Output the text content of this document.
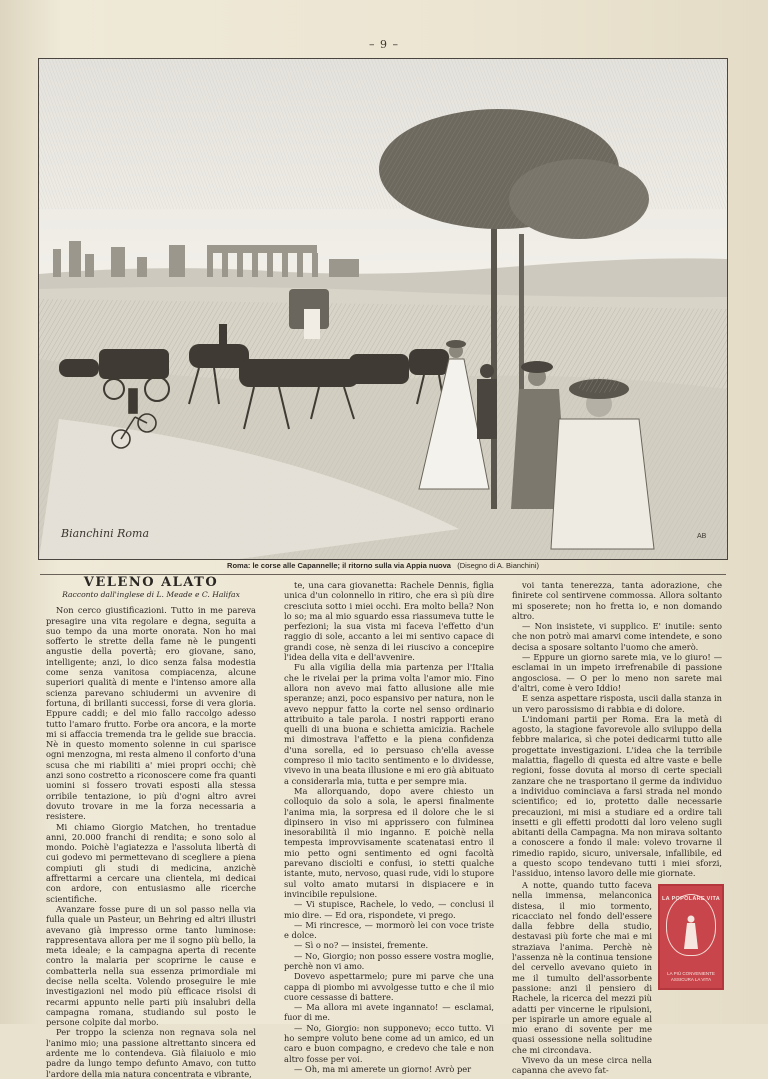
– 9 –
Bianchini Roma	AB
Roma: le corse alle Capannelle; il ritorno sulla via Appia nuova (Disegno di A. Bianchini)
VELENO ALATO
Racconto dall'inglese di L. Meade e C. Halifax

Non cerco giustificazioni. Tutto in me pareva presagire una vita regolare e degna, seguita a suo tempo da una morte onorata. Non ho mai sofferto le strette della fame nè le pungenti angustie della povertà; ero giovane, sano, intelligente; anzi, lo dico senza falsa modestia come senza vanitosa compiacenza, alcune superiori qualità di mente e l'intenso amore alla scienza parevano schiudermi un avvenire di fortuna, di brillanti successi, forse di vera gloria. Eppure caddi; e del mio fallo raccolgo adesso tutto l'amaro frutto. Forbe ora ancora, e la morte mi si affaccia tremenda tra le gelide sue braccia. Nè in questo momento solenne in cui sparisce ogni menzogna, mi resta almeno il conforto d'una scusa che mi riabiliti a' miei propri occhi; chè anzi sono costretto a riconoscere come fra quanti uomini si fossero trovati esposti alla stessa orribile tentazione, io più d'ogni altro avrei dovuto trovare in me la forza necessaria a resistere.

Mi chiamo Giorgio Matchen, ho trentadue anni, 20.000 franchi di rendita; e sono solo al mondo. Poichè l'agiatezza e l'assoluta libertà di cui godevo mi permettevano di scegliere a piena compiuti gli studi di medicina, anzichè affrettarmi a cercare una clientela, mi dedicai con ardore, con entusiasmo alle ricerche scientifiche.

Avanzare fosse pure di un sol passo nella via fulla quale un Pasteur, un Behring ed altri illustri avevano già impresso orme tanto luminose: rappresentava allora per me il sogno più bello, la meta ideale; e la campagna aperta di recente contro la malaria per scoprirne le cause e combatterla nella sua essenza primordiale mi decise nella scelta. Volendo proseguire le mie investigazioni nel modo più efficace risolsi di recarmi appunto nelle parti più insalubri della campagna romana, studiando sul posto le persone colpite dal morbo.

Per troppo la scienza non regnava sola nel l'animo mio; una passione altrettanto sincera ed ardente me lo contendeva. Già filaiuolo e mio padre da lungo tempo defunto Amavo, con tutto l'ardore della mia natura concentrata e vibrante,

te, una cara giovanetta: Rachele Dennis, figlia unica d'un colonnello in ritiro, che era sì più dire cresciuta sotto i miei occhi. Era molto bella? Non lo so; ma al mio sguardo essa riassumeva tutte le perfezioni; la sua vista mi faceva l'effetto d'un raggio di sole, accanto a lei mi sentivo capace di grandi cose, nè senza di lei riuscivo a concepire l'idea della vita e dell'avvenire.

Fu alla vigilia della mia partenza per l'Italia che le rivelai per la prima volta l'amor mio. Fino allora non avevo mai fatto allusione alle mie speranze; anzi, poco espansivo per natura, non le avevo neppur fatto la corte nel senso ordinario attribuito a tale parola. I nostri rapporti erano quelli di una buona e schietta amicizia. Rachele mi dimostrava l'affetto e la piena confidenza d'una sorella, ed io persuaso ch'ella avesse compreso il mio tacito sentimento e lo dividesse, vivevo in una beata illusione e mi ero già abituato a considerarla mia, tutta e per sempre mia.

Ma allorquando, dopo avere chiesto un colloquio da solo a sola, le apersi finalmente l'anima mia, la sorpresa ed il dolore che le si dipinsero in viso mi apprissero con fulminea inesorabilità il mio inganno. E poichè nella tempesta improvvisamente scatenatasi entro il mio petto ogni sentimento ed ogni facoltà parevano disciolti e confusi, io stetti qualche istante, muto, nervoso, quasi rude, vidi lo stupore sul volto amato mutarsi in dispiacere e in invincibile repulsione.

— Vi stupisce, Rachele, lo vedo, — conclusi il mio dire. — Ed ora, rispondete, vi prego.

— Mi rincresce, — mormorò lei con voce triste e dolce.

— Sì o no? — insistei, fremente.

— No, Giorgio; non posso essere vostra moglie, perchè non vi amo.

Dovevo aspettarmelo; pure mi parve che una cappa di piombo mi avvolgesse tutto e che il mio cuore cessasse di battere.

— Ma allora mi avete ingannato! — esclamai, fuor di me.

— No, Giorgio: non supponevo; ecco tutto. Vi ho sempre voluto bene come ad un amico, ed un caro e buon compagno, e credevo che tale e non altro fosse per voi.

— Oh, ma mi amerete un giorno! Avrò per

voi tanta tenerezza, tanta adorazione, che finirete col sentirvene commossa. Allora soltanto mi sposerete; non ho fretta io, e non domando altro.

— Non insistete, vi supplico. E' inutile: sento che non potrò mai amarvi come intendete, e sono decisa a sposare soltanto l'uomo che amerò.

— Eppure un giorno sarete mia, ve lo giuro! — esclamai in un impeto irrefrenabile di passione angosciosa. — O per lo meno non sarete mai d'altri, come è vero Iddio!

E senza aspettare risposta, uscii dalla stanza in un vero parossismo di rabbia e di dolore.

L'indomani partii per Roma. Era la metà di agosto, la stagione favorevole allo sviluppo della febbre malarica, sì che potei dedicarmi tutto alle progettate investigazioni. L'idea che la terribile malattia, flagello di questa ed altre vaste e belle regioni, fosse dovuta al morso di certe speciali zanzare che ne trasportano il germe da individuo a individuo cominciava a farsi strada nel mondo scientifico; ed io, protetto dalle necessarie precauzioni, mi misi a studiare ed a ordire tali insetti e gli effetti prodotti dal loro veleno sugli abitanti della Campagna. Ma non mirava soltanto a conoscere a fondo il male: volevo trovarne il rimedio rapido, sicuro, universale, infallibile, ed a questo scopo tendevano tutti i miei sforzi, l'assiduo, intenso lavoro delle mie giornate.

A notte, quando tutto faceva nella immensa, melanconica distesa, il mio tormento, ricacciato nel fondo dell'essere dalla febbre della studio, destavasi più forte che mai e mi straziava l'anima. Perchè nè l'assenza nè la continua tensione del cervello avevano quieto in me il tumulto dell'assorbente passione: anzi il pensiero di Rachele, la ricerca del mezzi più adatti per vincerne le ripulsioni, per ispirarle un amore eguale al mio erano di sovente per me quasi ossessione nella solitudine che mi circondava.

Vivevo da un mese circa nella capanna che avevo fat-

LA POPOLARE VITA
LA PIÙ CONVENIENTE ASSICURA LA VITA
